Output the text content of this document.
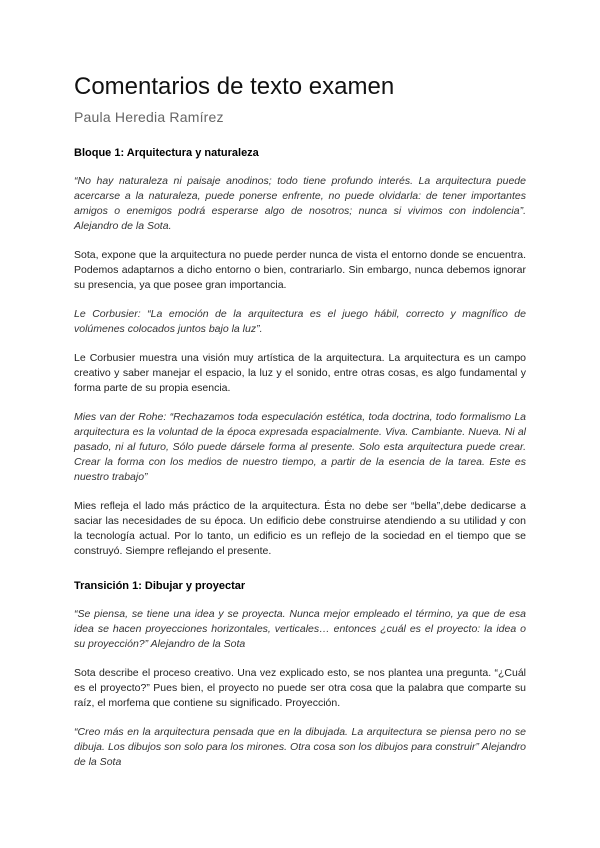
Comentarios de texto examen
Paula Heredia Ramírez
Bloque 1: Arquitectura y naturaleza

“No hay naturaleza ni paisaje anodinos; todo tiene profundo interés. La arquitectura puede acercarse a la naturaleza, puede ponerse enfrente, no puede olvidarla: de tener importantes amigos o enemigos podrá esperarse algo de nosotros; nunca si vivimos con indolencia”. Alejandro de la Sota.

Sota, expone que la arquitectura no puede perder nunca de vista el entorno donde se encuentra. Podemos adaptarnos a dicho entorno o bien, contrariarlo. Sin embargo, nunca debemos ignorar su presencia, ya que posee gran importancia.

Le Corbusier: “La emoción de la arquitectura es el juego hábil, correcto y magnífico de volúmenes colocados juntos bajo la luz”.

Le Corbusier muestra una visión muy artística de la arquitectura. La arquitectura es un campo creativo y saber manejar el espacio, la luz y el sonido, entre otras cosas, es algo fundamental y forma parte de su propia esencia.

Mies van der Rohe: “Rechazamos toda especulación estética, toda doctrina, todo formalismo La arquitectura es la voluntad de la época expresada espacialmente. Viva. Cambiante. Nueva. Ni al pasado, ni al futuro, Sólo puede dársele forma al presente. Solo esta arquitectura puede crear. Crear la forma con los medios de nuestro tiempo, a partir de la esencia de la tarea. Este es nuestro trabajo”

Mies refleja el lado más práctico de la arquitectura. Ésta no debe ser “bella”,debe dedicarse a saciar las necesidades de su época. Un edificio debe construirse atendiendo a su utilidad y con la tecnología actual. Por lo tanto, un edificio es un reflejo de la sociedad en el tiempo que se construyó. Siempre reflejando el presente.

Transición 1: Dibujar y proyectar

“Se piensa, se tiene una idea y se proyecta. Nunca mejor empleado el término, ya que de esa idea se hacen proyecciones horizontales, verticales… entonces ¿cuál es el proyecto: la idea o su proyección?” Alejandro de la Sota

Sota describe el proceso creativo. Una vez explicado esto, se nos plantea una pregunta. “¿Cuál es el proyecto?” Pues bien, el proyecto no puede ser otra cosa que la palabra que comparte su raíz, el morfema que contiene su significado. Proyección.

“Creo más en la arquitectura pensada que en la dibujada. La arquitectura se piensa pero no se dibuja. Los dibujos son solo para los mirones. Otra cosa son los dibujos para construir” Alejandro de la Sota
